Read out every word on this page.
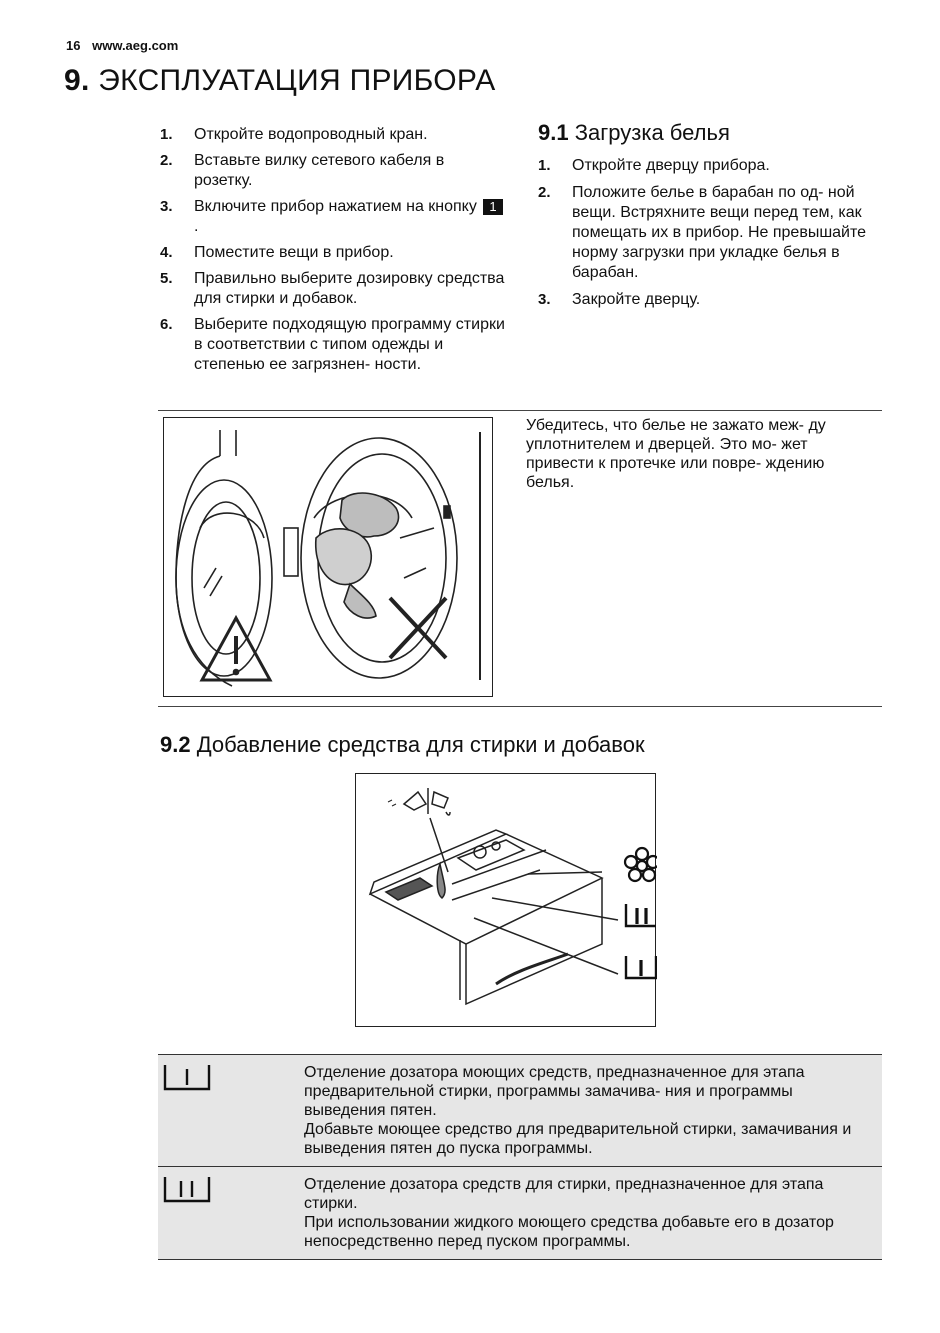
16 www.aeg.com
9. ЭКСПЛУАТАЦИЯ ПРИБОРА
1. Откройте водопроводный кран.
2. Вставьте вилку сетевого кабеля в розетку.
3. Включите прибор нажатием на кнопку 1.
4. Поместите вещи в прибор.
5. Правильно выберите дозировку средства для стирки и добавок.
6. Выберите подходящую программу стирки в соответствии с типом одежды и степенью ее загрязнен- ности.
9.1 Загрузка белья
1. Откройте дверцу прибора.
2. Положите белье в барабан по од- ной вещи. Встряхните вещи перед тем, как помещать их в прибор. Не превышайте норму загрузки при укладке белья в барабан.
3. Закройте дверцу.
Убедитесь, что белье не зажато меж- ду уплотнителем и дверцей. Это мо- жет привести к протечке или повре- ждению белья.
9.2 Добавление средства для стирки и добавок

Отделение дозатора моющих средств, предназначенное для этапа предварительной стирки, программы замачива- ния и программы выведения пятен.

Добавьте моющее средство для предварительной стирки, замачивания и выведения пятен до пуска программы.

Отделение дозатора средств для стирки, предназначенное для этапа стирки.

При использовании жидкого моющего средства добавьте его в дозатор непосредственно перед пуском программы.
